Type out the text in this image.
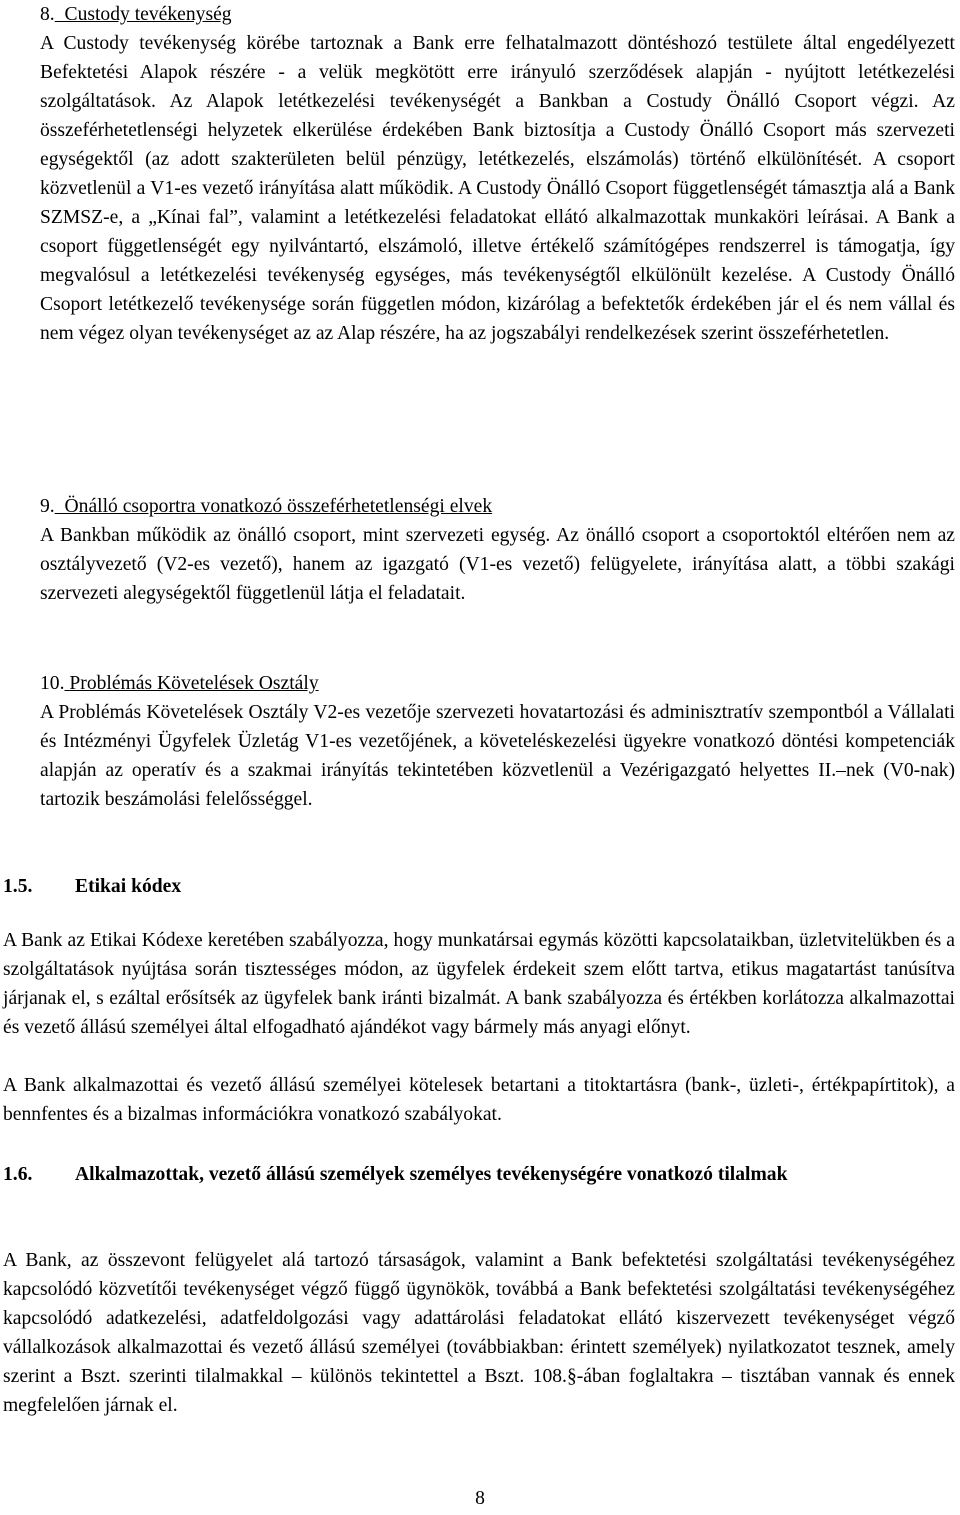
8. Custody tevékenység

A Custody tevékenység körébe tartoznak a Bank erre felhatalmazott döntéshozó testülete által engedélyezett Befektetési Alapok részére - a velük megkötött erre irányuló szerződések alapján - nyújtott letétkezelési szolgáltatások. Az Alapok letétkezelési tevékenységét a Bankban a Costudy Önálló Csoport végzi. Az összeférhetetlenségi helyzetek elkerülése érdekében Bank biztosítja a Custody Önálló Csoport más szervezeti egységektől (az adott szakterületen belül pénzügy, letétkezelés, elszámolás) történő elkülönítését. A csoport közvetlenül a V1-es vezető irányítása alatt működik. A Custody Önálló Csoport függetlenségét támasztja alá a Bank SZMSZ-e, a „Kínai fal”, valamint a letétkezelési feladatokat ellátó alkalmazottak munkaköri leírásai. A Bank a csoport függetlenségét egy nyilvántartó, elszámoló, illetve értékelő számítógépes rendszerrel is támogatja, így megvalósul a letétkezelési tevékenység egységes, más tevékenységtől elkülönült kezelése. A Custody Önálló Csoport letétkezelő tevékenysége során független módon, kizárólag a befektetők érdekében jár el és nem vállal és nem végez olyan tevékenységet az az Alap részére, ha az jogszabályi rendelkezések szerint összeférhetetlen.

9. Önálló csoportra vonatkozó összeférhetetlenségi elvek

A Bankban működik az önálló csoport, mint szervezeti egység. Az önálló csoport a csoportoktól eltérően nem az osztályvezető (V2-es vezető), hanem az igazgató (V1-es vezető) felügyelete, irányítása alatt, a többi szakági szervezeti alegységektől függetlenül látja el feladatait.

10. Problémás Követelések Osztály

A Problémás Követelések Osztály V2-es vezetője szervezeti hovatartozási és adminisztratív szempontból a Vállalati és Intézményi Ügyfelek Üzletág V1-es vezetőjének, a követeléskezelési ügyekre vonatkozó döntési kompetenciák alapján az operatív és a szakmai irányítás tekintetében közvetlenül a Vezérigazgató helyettes II.–nek (V0-nak) tartozik beszámolási felelősséggel.

1.5. Etikai kódex

A Bank az Etikai Kódexe keretében szabályozza, hogy munkatársai egymás közötti kapcsolataikban, üzletvitelükben és a szolgáltatások nyújtása során tisztességes módon, az ügyfelek érdekeit szem előtt tartva, etikus magatartást tanúsítva járjanak el, s ezáltal erősítsék az ügyfelek bank iránti bizalmát. A bank szabályozza és értékben korlátozza alkalmazottai és vezető állású személyei által elfogadható ajándékot vagy bármely más anyagi előnyt.

A Bank alkalmazottai és vezető állású személyei kötelesek betartani a titoktartásra (bank-, üzleti-, értékpapírtitok), a bennfentes és a bizalmas információkra vonatkozó szabályokat.

1.6. Alkalmazottak, vezető állású személyek személyes tevékenységére vonatkozó tilalmak

A Bank, az összevont felügyelet alá tartozó társaságok, valamint a Bank befektetési szolgáltatási tevékenységéhez kapcsolódó közvetítői tevékenységet végző függő ügynökök, továbbá a Bank befektetési szolgáltatási tevékenységéhez kapcsolódó adatkezelési, adatfeldolgozási vagy adattárolási feladatokat ellátó kiszervezett tevékenységet végző vállalkozások alkalmazottai és vezető állású személyei (továbbiakban: érintett személyek) nyilatkozatot tesznek, amely szerint a Bszt. szerinti tilalmakkal – különös tekintettel a Bszt. 108.§-ában foglaltakra – tisztában vannak és ennek megfelelően járnak el.

8
